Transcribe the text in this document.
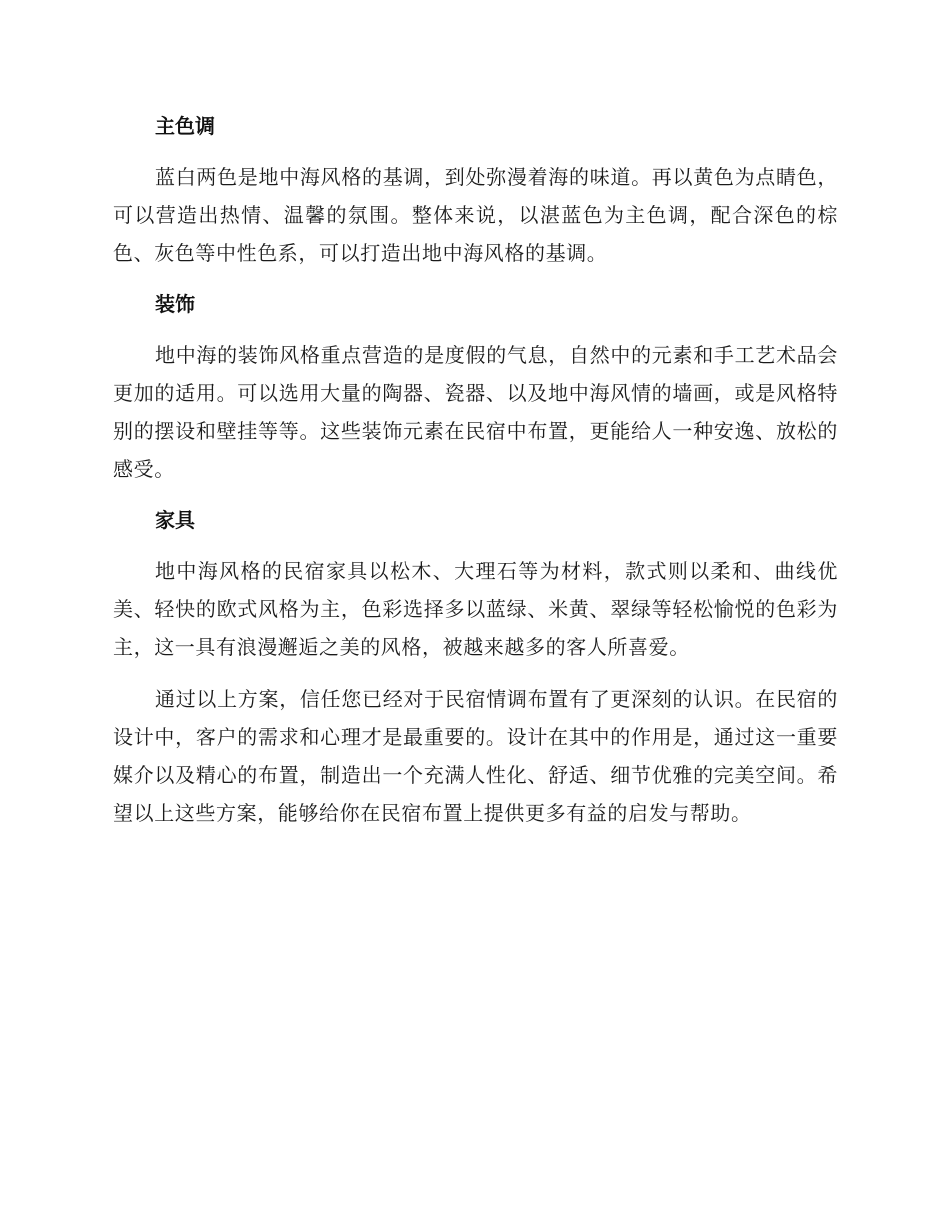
主色调

蓝白两色是地中海风格的基调，到处弥漫着海的味道。再以黄色为点睛色，可以营造出热情、温馨的氛围。整体来说，以湛蓝色为主色调，配合深色的棕色、灰色等中性色系，可以打造出地中海风格的基调。

装饰

地中海的装饰风格重点营造的是度假的气息，自然中的元素和手工艺术品会更加的适用。可以选用大量的陶器、瓷器、以及地中海风情的墙画，或是风格特别的摆设和壁挂等等。这些装饰元素在民宿中布置，更能给人一种安逸、放松的感受。

家具

地中海风格的民宿家具以松木、大理石等为材料，款式则以柔和、曲线优美、轻快的欧式风格为主，色彩选择多以蓝绿、米黄、翠绿等轻松愉悦的色彩为主，这一具有浪漫邂逅之美的风格，被越来越多的客人所喜爱。

通过以上方案，信任您已经对于民宿情调布置有了更深刻的认识。在民宿的设计中，客户的需求和心理才是最重要的。设计在其中的作用是，通过这一重要媒介以及精心的布置，制造出一个充满人性化、舒适、细节优雅的完美空间。希望以上这些方案，能够给你在民宿布置上提供更多有益的启发与帮助。
